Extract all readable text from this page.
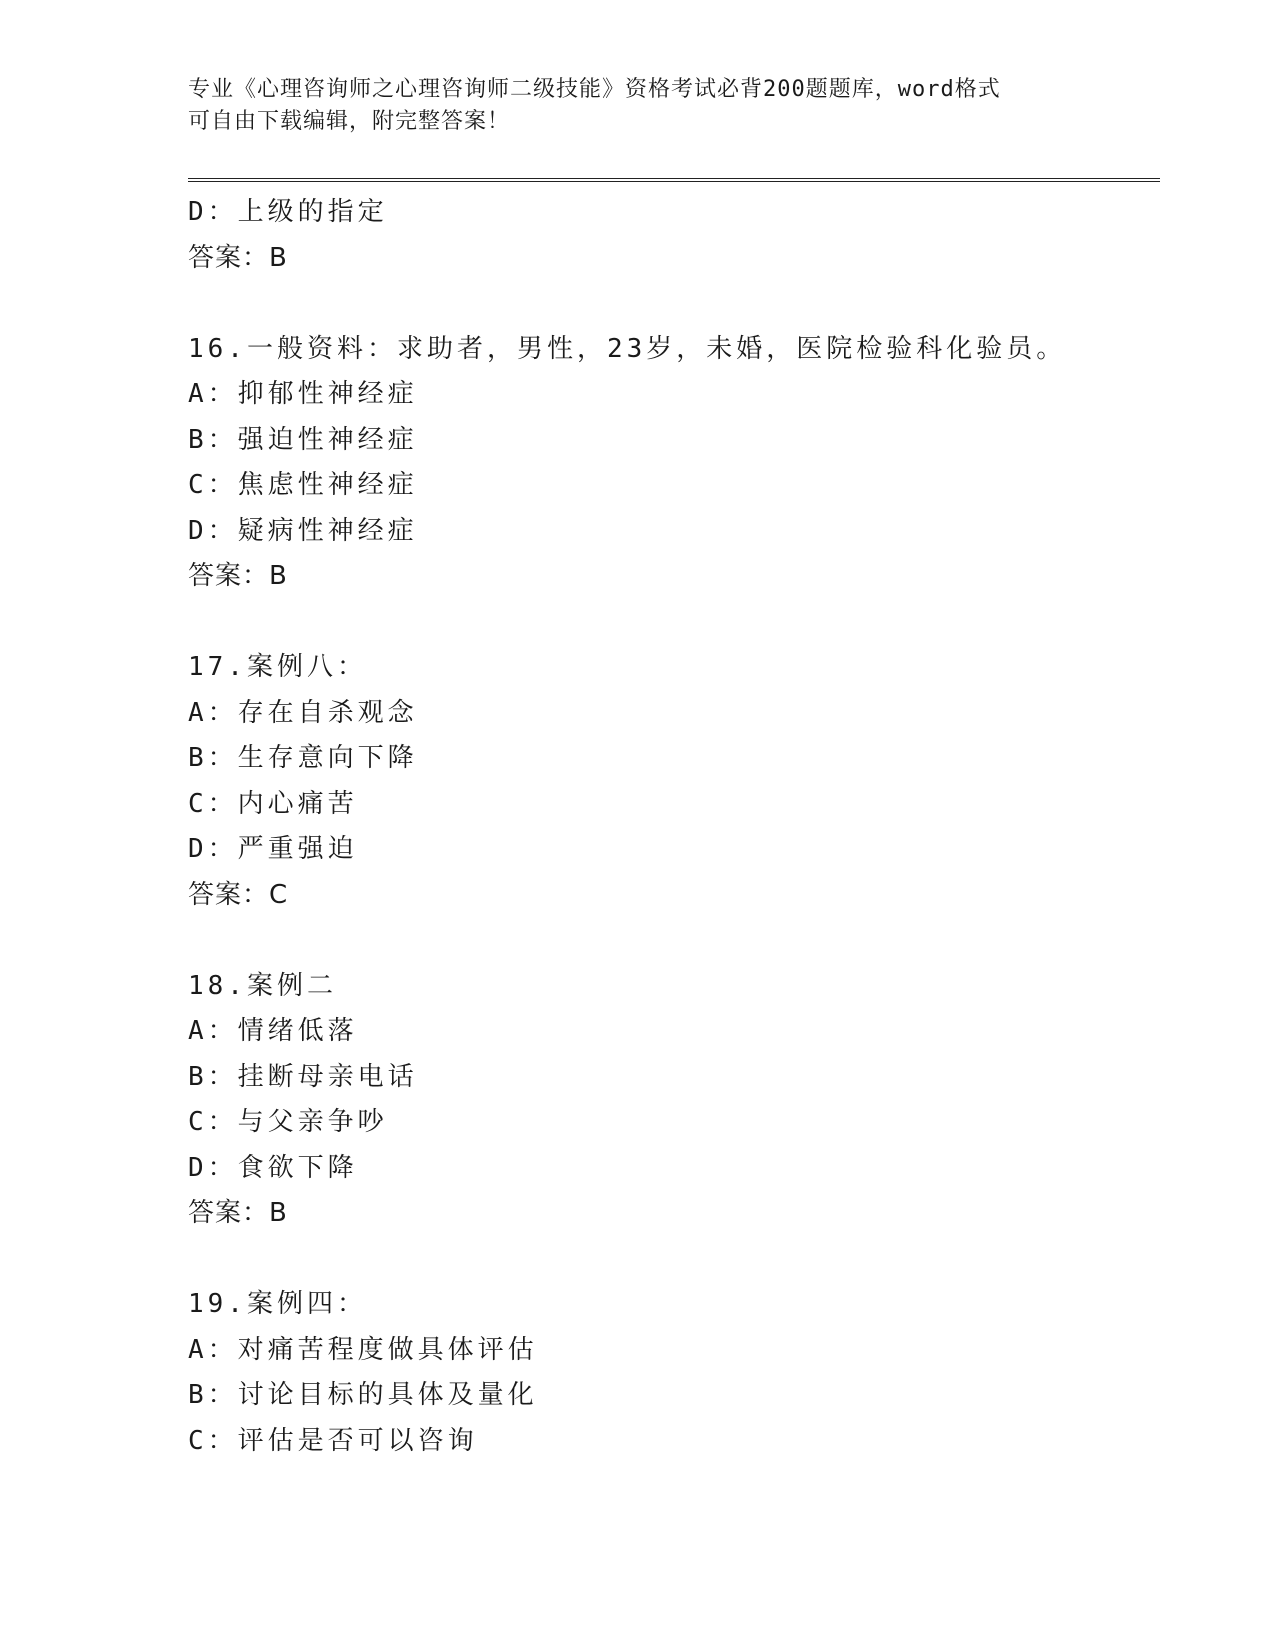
专业《心理咨询师之心理咨询师二级技能》资格考试必背200题题库，word格式
可自由下载编辑，附完整答案！
D：上级的指定
答案：B
16.一般资料：求助者，男性，23岁，未婚，医院检验科化验员。
A：抑郁性神经症
B：强迫性神经症
C：焦虑性神经症
D：疑病性神经症
答案：B
17.案例八：
A：存在自杀观念
B：生存意向下降
C：内心痛苦
D：严重强迫
答案：C
18.案例二
A：情绪低落
B：挂断母亲电话
C：与父亲争吵
D：食欲下降
答案：B
19.案例四：
A：对痛苦程度做具体评估
B：讨论目标的具体及量化
C：评估是否可以咨询
